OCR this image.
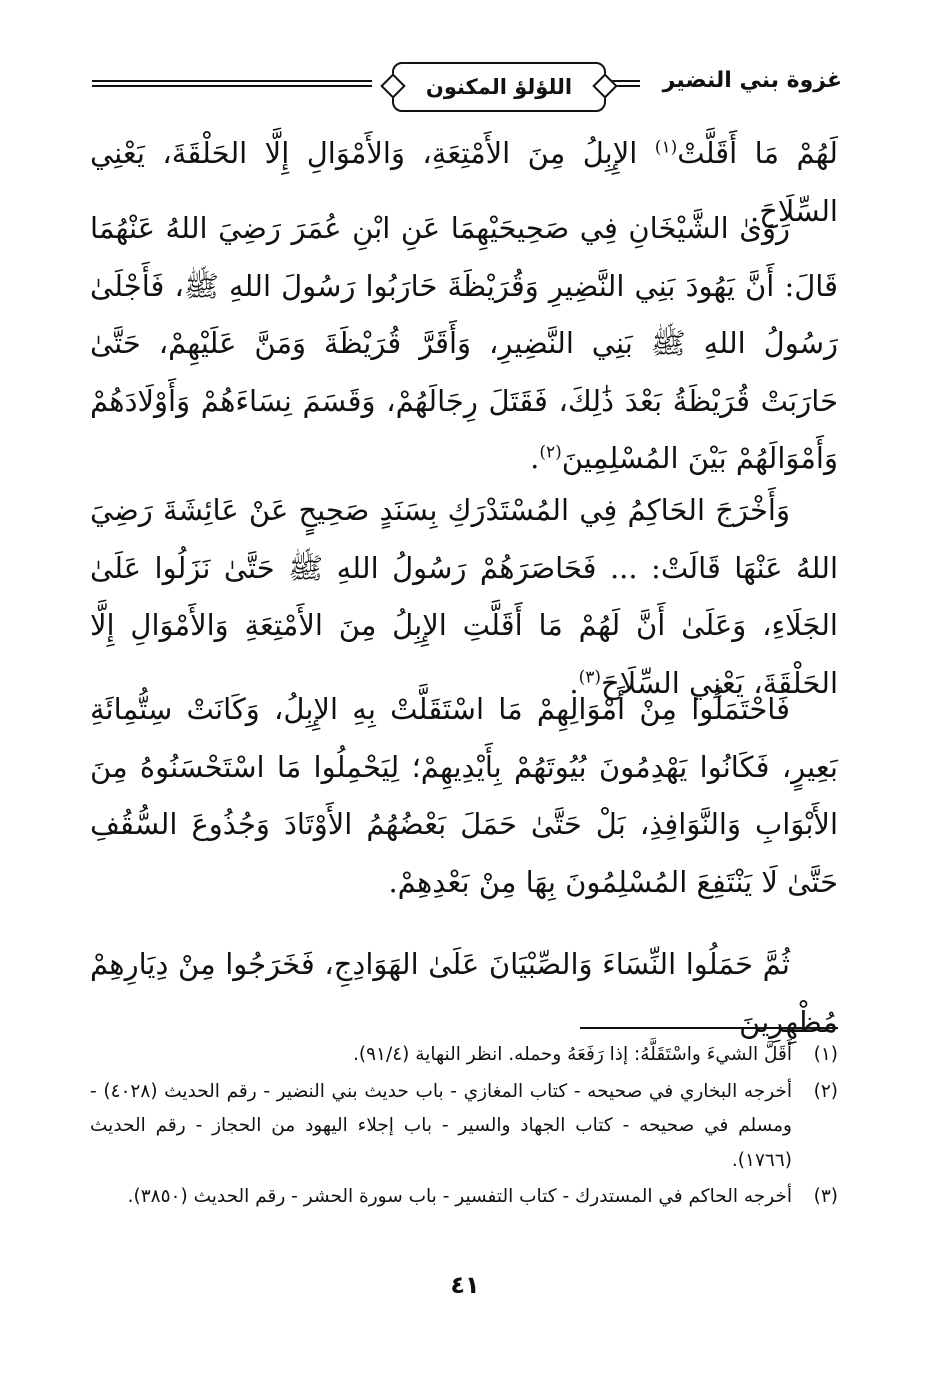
غزوة بني النضير
اللؤلؤ المكنون
لَهُمْ مَا أَقَلَّتْ$^{(١)}$ الإِبِلُ مِنَ الأَمْتِعَةِ، وَالأَمْوَالِ إِلَّا الحَلْقَةَ، يَعْنِي السِّلَاحَ.
رَوَىٰ الشَّيْخَانِ فِي صَحِيحَيْهِمَا عَنِ ابْنِ عُمَرَ رَضِيَ اللهُ عَنْهُمَا قَالَ: أَنَّ يَهُودَ بَنِي النَّضِيرِ وَقُرَيْظَةَ حَارَبُوا رَسُولَ اللهِ ﷺ، فَأَجْلَىٰ رَسُولُ اللهِ ﷺ بَنِي النَّضِيرِ، وَأَقَرَّ قُرَيْظَةَ وَمَنَّ عَلَيْهِمْ، حَتَّىٰ حَارَبَتْ قُرَيْظَةُ بَعْدَ ذَٰلِكَ، فَقَتَلَ رِجَالَهُمْ، وَقَسَمَ نِسَاءَهُمْ وَأَوْلَادَهُمْ وَأَمْوَالَهُمْ بَيْنَ المُسْلِمِينَ$^{(٢)}$.
وَأَخْرَجَ الحَاكِمُ فِي المُسْتَدْرَكِ بِسَنَدٍ صَحِيحٍ عَنْ عَائِشَةَ رَضِيَ اللهُ عَنْهَا قَالَتْ: ... فَحَاصَرَهُمْ رَسُولُ اللهِ ﷺ حَتَّىٰ نَزَلُوا عَلَىٰ الجَلَاءِ، وَعَلَىٰ أَنَّ لَهُمْ مَا أَقَلَّتِ الإِبِلُ مِنَ الأَمْتِعَةِ وَالأَمْوَالِ إِلَّا الحَلْقَةَ، يَعْنِي السِّلَاحَ$^{(٣)}$.
فَاحْتَمَلُوا مِنْ أَمْوَالِهِمْ مَا اسْتَقَلَّتْ بِهِ الإِبِلُ، وَكَانَتْ سِتُّمِائَةِ بَعِيرٍ، فَكَانُوا يَهْدِمُونَ بُيُوتَهُمْ بِأَيْدِيهِمْ؛ لِيَحْمِلُوا مَا اسْتَحْسَنُوهُ مِنَ الأَبْوَابِ وَالنَّوَافِذِ، بَلْ حَتَّىٰ حَمَلَ بَعْضُهُمُ الأَوْتَادَ وَجُذُوعَ السُّقُفِ حَتَّىٰ لَا يَنْتَفِعَ المُسْلِمُونَ بِهَا مِنْ بَعْدِهِمْ.
ثُمَّ حَمَلُوا النِّسَاءَ وَالصِّبْيَانَ عَلَىٰ الهَوَادِجِ، فَخَرَجُوا مِنْ دِيَارِهِمْ مُظْهِرِينَ
(١)
أَقَلَّ الشيءَ واسْتَقَلَّهُ: إذا رَفَعَهُ وحمله. انظر النهاية (٩١/٤).
(٢)
أخرجه البخاري في صحيحه - كتاب المغازي - باب حديث بني النضير - رقم الحديث (٤٠٢٨) - ومسلم في صحيحه - كتاب الجهاد والسير - باب إجلاء اليهود من الحجاز - رقم الحديث (١٧٦٦).
(٣)
أخرجه الحاكم في المستدرك - كتاب التفسير - باب سورة الحشر - رقم الحديث (٣٨٥٠).
٤١
